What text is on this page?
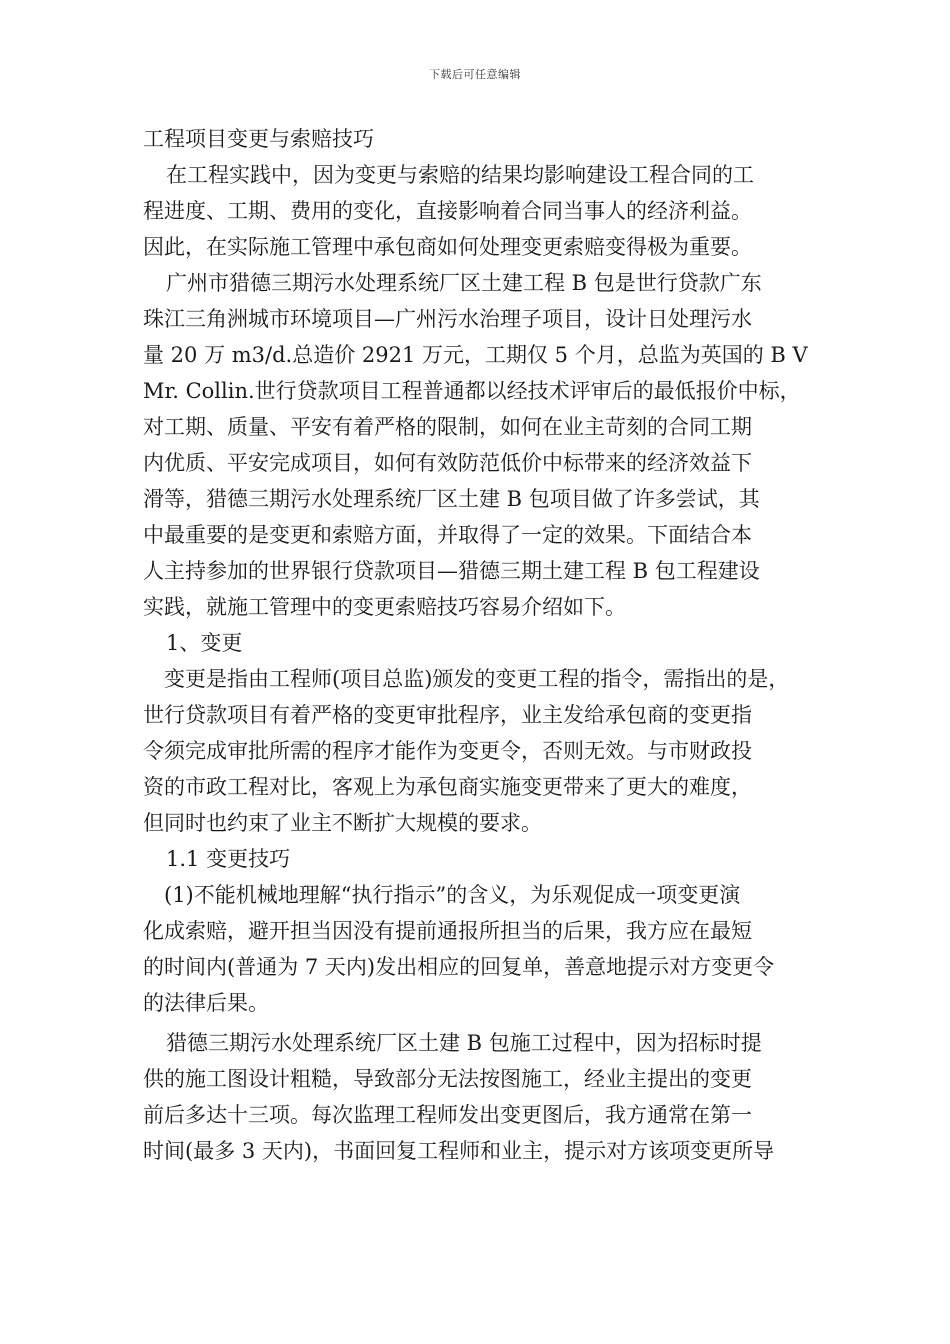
下载后可任意编辑
工程项目变更与索赔技巧
在工程实践中，因为变更与索赔的结果均影响建设工程合同的工
程进度、工期、费用的变化，直接影响着合同当事人的经济利益。
因此，在实际施工管理中承包商如何处理变更索赔变得极为重要。
广州市猎德三期污水处理系统厂区土建工程 B 包是世行贷款广东
珠江三角洲城市环境项目—广州污水治理子项目，设计日处理污水
量 20 万 m3/d.总造价 2921 万元，工期仅 5 个月，总监为英国的 B V
Mr. Collin.世行贷款项目工程普通都以经技术评审后的最低报价中标，
对工期、质量、平安有着严格的限制，如何在业主苛刻的合同工期
内优质、平安完成项目，如何有效防范低价中标带来的经济效益下
滑等，猎德三期污水处理系统厂区土建 B 包项目做了许多尝试，其
中最重要的是变更和索赔方面，并取得了一定的效果。下面结合本
人主持参加的世界银行贷款项目—猎德三期土建工程 B 包工程建设
实践，就施工管理中的变更索赔技巧容易介绍如下。
1、变更
变更是指由工程师(项目总监)颁发的变更工程的指令，需指出的是，
世行贷款项目有着严格的变更审批程序，业主发给承包商的变更指
令须完成审批所需的程序才能作为变更令，否则无效。与市财政投
资的市政工程对比，客观上为承包商实施变更带来了更大的难度，
但同时也约束了业主不断扩大规模的要求。
1.1 变更技巧
(1)不能机械地理解“执行指示”的含义，为乐观促成一项变更演
化成索赔，避开担当因没有提前通报所担当的后果，我方应在最短
的时间内(普通为 7 天内)发出相应的回复单，善意地提示对方变更令
的法律后果。
猎德三期污水处理系统厂区土建 B 包施工过程中，因为招标时提
供的施工图设计粗糙，导致部分无法按图施工，经业主提出的变更
前后多达十三项。每次监理工程师发出变更图后，我方通常在第一
时间(最多 3 天内)，书面回复工程师和业主，提示对方该项变更所导
